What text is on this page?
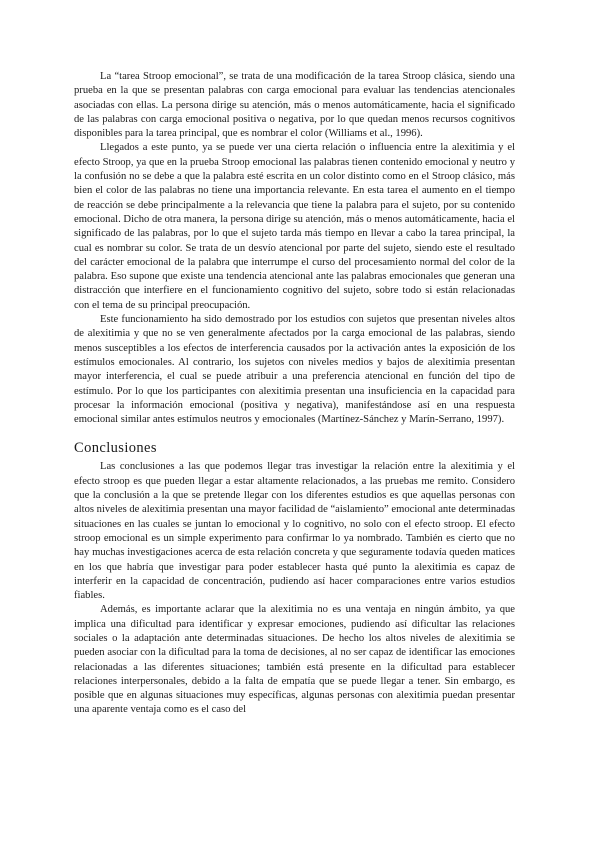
La “tarea Stroop emocional”, se trata de una modificación de la tarea Stroop clásica, siendo una prueba en la que se presentan palabras con carga emocional para evaluar las tendencias atencionales asociadas con ellas. La persona dirige su atención, más o menos automáticamente, hacia el significado de las palabras con carga emocional positiva o negativa, por lo que quedan menos recursos cognitivos disponibles para la tarea principal, que es nombrar el color (Williams et al., 1996).

Llegados a este punto, ya se puede ver una cierta relación o influencia entre la alexitimia y el efecto Stroop, ya que en la prueba Stroop emocional las palabras tienen contenido emocional y neutro y la confusión no se debe a que la palabra esté escrita en un color distinto como en el Stroop clásico, más bien el color de las palabras no tiene una importancia relevante. En esta tarea el aumento en el tiempo de reacción se debe principalmente a la relevancia que tiene la palabra para el sujeto, por su contenido emocional. Dicho de otra manera, la persona dirige su atención, más o menos automáticamente, hacia el significado de las palabras, por lo que el sujeto tarda más tiempo en llevar a cabo la tarea principal, la cual es nombrar su color. Se trata de un desvío atencional por parte del sujeto, siendo este el resultado del carácter emocional de la palabra que interrumpe el curso del procesamiento normal del color de la palabra. Eso supone que existe una tendencia atencional ante las palabras emocionales que generan una distracción que interfiere en el funcionamiento cognitivo del sujeto, sobre todo si están relacionadas con el tema de su principal preocupación.

Este funcionamiento ha sido demostrado por los estudios con sujetos que presentan niveles altos de alexitimia y que no se ven generalmente afectados por la carga emocional de las palabras, siendo menos susceptibles a los efectos de interferencia causados por la activación antes la exposición de los estímulos emocionales. Al contrario, los sujetos con niveles medios y bajos de alexitimia presentan mayor interferencia, el cual se puede atribuir a una preferencia atencional en función del tipo de estímulo. Por lo que los participantes con alexitimia presentan una insuficiencia en la capacidad para procesar la información emocional (positiva y negativa), manifestándose así en una respuesta emocional similar antes estímulos neutros y emocionales (Martínez-Sánchez y Marín-Serrano, 1997).

Conclusiones

Las conclusiones a las que podemos llegar tras investigar la relación entre la alexitimia y el efecto stroop es que pueden llegar a estar altamente relacionados, a las pruebas me remito. Considero que la conclusión a la que se pretende llegar con los diferentes estudios es que aquellas personas con altos niveles de alexitimia presentan una mayor facilidad de “aislamiento” emocional ante determinadas situaciones en las cuales se juntan lo emocional y lo cognitivo, no solo con el efecto stroop. El efecto stroop emocional es un simple experimento para confirmar lo ya nombrado. También es cierto que no hay muchas investigaciones acerca de esta relación concreta y que seguramente todavía queden matices en los que habría que investigar para poder establecer hasta qué punto la alexitimia es capaz de interferir en la capacidad de concentración, pudiendo así hacer comparaciones entre varios estudios fiables.

Además, es importante aclarar que la alexitimia no es una ventaja en ningún ámbito, ya que implica una dificultad para identificar y expresar emociones, pudiendo así dificultar las relaciones sociales o la adaptación ante determinadas situaciones. De hecho los altos niveles de alexitimia se pueden asociar con la dificultad para la toma de decisiones, al no ser capaz de identificar las emociones relacionadas a las diferentes situaciones; también está presente en la dificultad para establecer relaciones interpersonales, debido a la falta de empatía que se puede llegar a tener. Sin embargo, es posible que en algunas situaciones muy específicas, algunas personas con alexitimia puedan presentar una aparente ventaja como es el caso del
